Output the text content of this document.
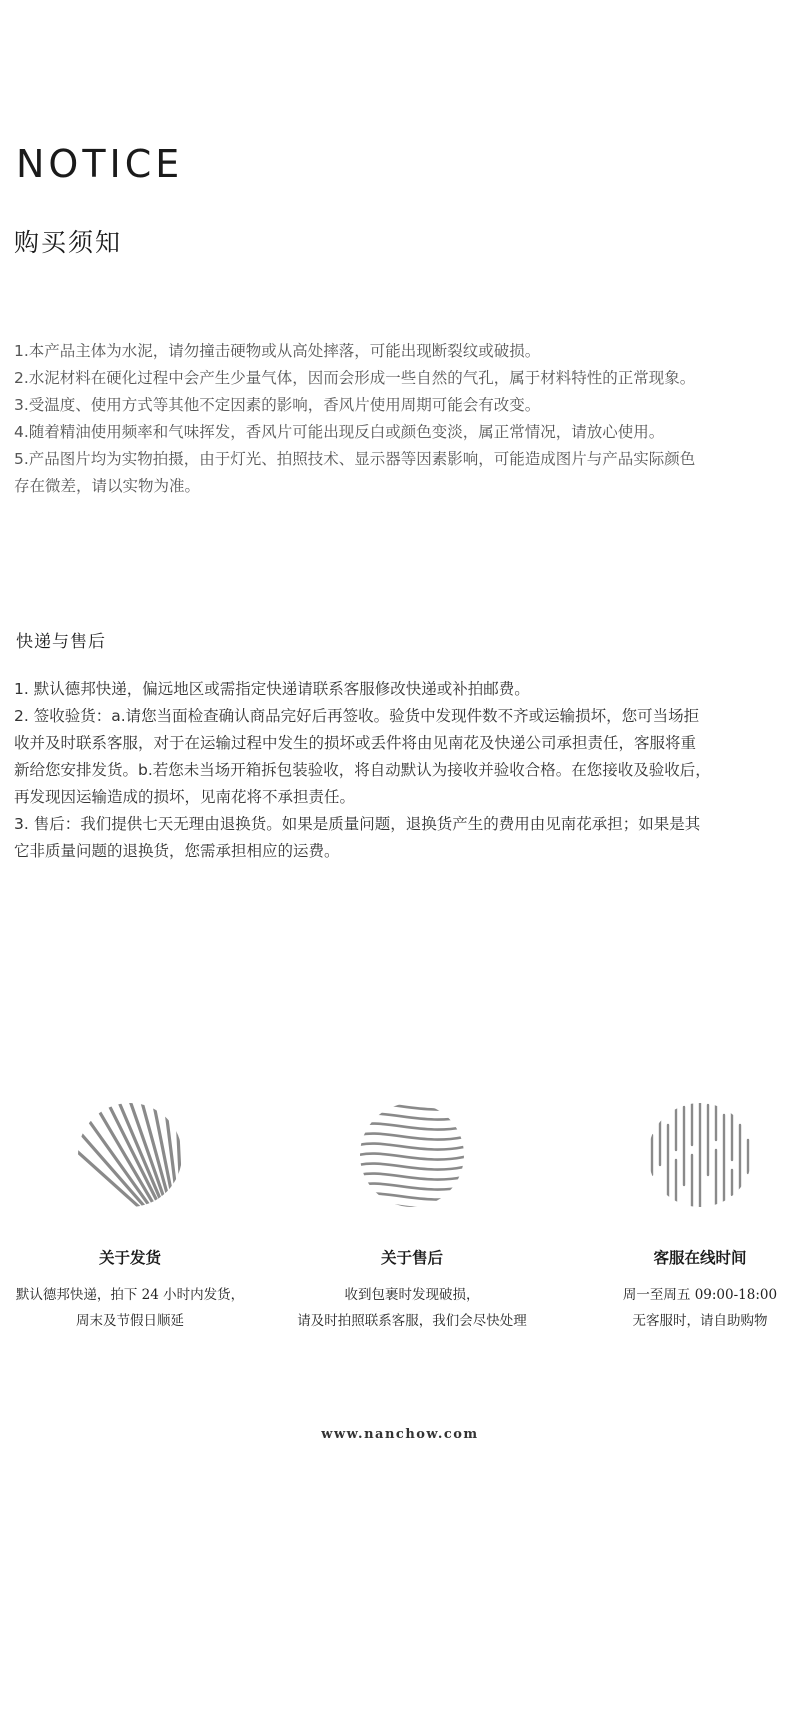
NOTICE
购买须知
1.本产品主体为水泥，请勿撞击硬物或从高处摔落，可能出现断裂纹或破损。
2.水泥材料在硬化过程中会产生少量气体，因而会形成一些自然的气孔，属于材料特性的正常现象。
3.受温度、使用方式等其他不定因素的影响，香风片使用周期可能会有改变。
4.随着精油使用频率和气味挥发，香风片可能出现反白或颜色变淡，属正常情况，请放心使用。
5.产品图片均为实物拍摄，由于灯光、拍照技术、显示器等因素影响，可能造成图片与产品实际颜色
存在微差，请以实物为准。
快递与售后
1. 默认德邦快递，偏远地区或需指定快递请联系客服修改快递或补拍邮费。
2. 签收验货：a.请您当面检查确认商品完好后再签收。验货中发现件数不齐或运输损坏，您可当场拒
收并及时联系客服，对于在运输过程中发生的损坏或丢件将由见南花及快递公司承担责任，客服将重
新给您安排发货。b.若您未当场开箱拆包装验收，将自动默认为接收并验收合格。在您接收及验收后，
再发现因运输造成的损坏，见南花将不承担责任。
3. 售后：我们提供七天无理由退换货。如果是质量问题，退换货产生的费用由见南花承担；如果是其
它非质量问题的退换货，您需承担相应的运费。
关于发货
默认德邦快递，拍下 24 小时内发货，
周末及节假日顺延
关于售后
收到包裹时发现破损，
请及时拍照联系客服，我们会尽快处理
客服在线时间
周一至周五 09:00-18:00
无客服时，请自助购物
www.nanchow.com
